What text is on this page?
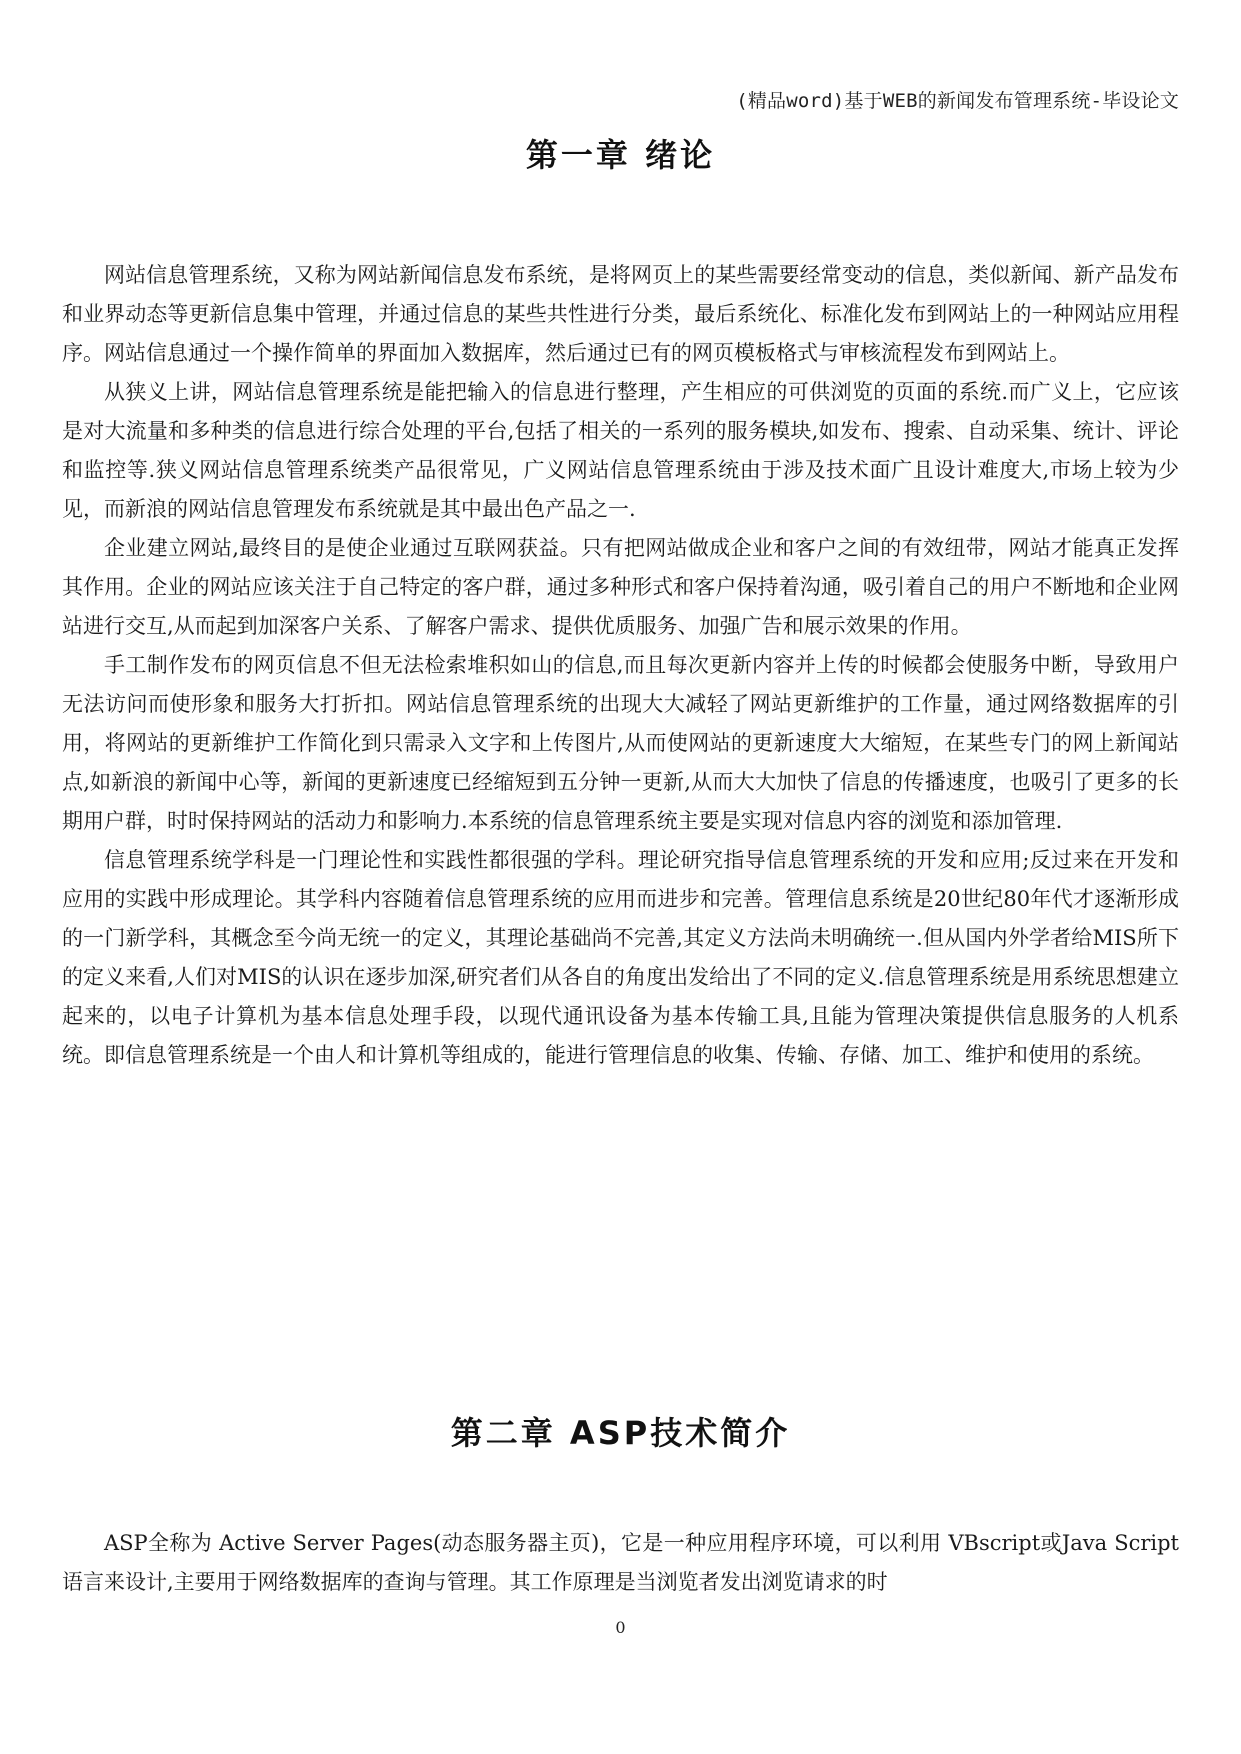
(精品word)基于WEB的新闻发布管理系统-毕设论文
第一章 绪论

网站信息管理系统，又称为网站新闻信息发布系统，是将网页上的某些需要经常变动的信息，类似新闻、新产品发布和业界动态等更新信息集中管理，并通过信息的某些共性进行分类，最后系统化、标准化发布到网站上的一种网站应用程序。网站信息通过一个操作简单的界面加入数据库，然后通过已有的网页模板格式与审核流程发布到网站上。

从狭义上讲，网站信息管理系统是能把输入的信息进行整理，产生相应的可供浏览的页面的系统.而广义上，它应该是对大流量和多种类的信息进行综合处理的平台,包括了相关的一系列的服务模块,如发布、搜索、自动采集、统计、评论和监控等.狭义网站信息管理系统类产品很常见，广义网站信息管理系统由于涉及技术面广且设计难度大,市场上较为少见，而新浪的网站信息管理发布系统就是其中最出色产品之一.

企业建立网站,最终目的是使企业通过互联网获益。只有把网站做成企业和客户之间的有效纽带，网站才能真正发挥其作用。企业的网站应该关注于自己特定的客户群，通过多种形式和客户保持着沟通，吸引着自己的用户不断地和企业网站进行交互,从而起到加深客户关系、了解客户需求、提供优质服务、加强广告和展示效果的作用。

手工制作发布的网页信息不但无法检索堆积如山的信息,而且每次更新内容并上传的时候都会使服务中断，导致用户无法访问而使形象和服务大打折扣。网站信息管理系统的出现大大减轻了网站更新维护的工作量，通过网络数据库的引用，将网站的更新维护工作简化到只需录入文字和上传图片,从而使网站的更新速度大大缩短，在某些专门的网上新闻站点,如新浪的新闻中心等，新闻的更新速度已经缩短到五分钟一更新,从而大大加快了信息的传播速度，也吸引了更多的长期用户群，时时保持网站的活动力和影响力.本系统的信息管理系统主要是实现对信息内容的浏览和添加管理.

信息管理系统学科是一门理论性和实践性都很强的学科。理论研究指导信息管理系统的开发和应用;反过来在开发和应用的实践中形成理论。其学科内容随着信息管理系统的应用而进步和完善。管理信息系统是20世纪80年代才逐渐形成的一门新学科，其概念至今尚无统一的定义，其理论基础尚不完善,其定义方法尚未明确统一.但从国内外学者给MIS所下的定义来看,人们对MIS的认识在逐步加深,研究者们从各自的角度出发给出了不同的定义.信息管理系统是用系统思想建立起来的，以电子计算机为基本信息处理手段，以现代通讯设备为基本传输工具,且能为管理决策提供信息服务的人机系统。即信息管理系统是一个由人和计算机等组成的，能进行管理信息的收集、传输、存储、加工、维护和使用的系统。

第二章 ASP技术简介

ASP全称为 Active Server Pages(动态服务器主页)，它是一种应用程序环境，可以利用 VBscript或Java Script语言来设计,主要用于网络数据库的查询与管理。其工作原理是当浏览者发出浏览请求的时

0
